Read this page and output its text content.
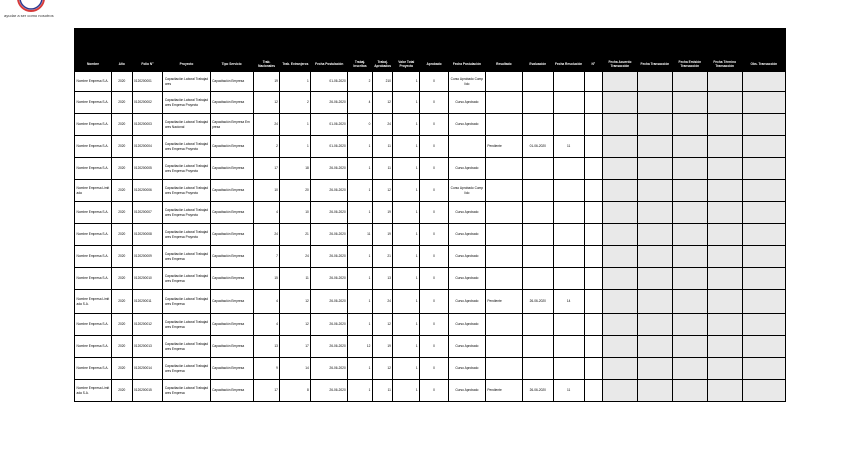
ayudar a ser como nosotros
Nombre	Año	Folio N°	Proyecto	Tipo Servicio	Trab. Nacionales	Trab. Extranjeros	Fecha Postulación	Trabaj. Inscritos	Trabaj. Aprobados	Valor Total Proyecto	Aprobado	Fecha Postulación	Resultado	Evaluación	Fecha Resolución	N°	Fecha Acuerdo Transacción	Fecha Transacción	Fecha Emisión Transacción	Fecha Término Transacción	Obs. Transacción
Nombre Empresa S.A.	2020	0120200001	Capacitación Laboral Trabajadores	Capacitación Empresa	19	1	01-06-2020	2	210	1	0	Curso Aprobado Cumplido									
Nombre Empresa S.A.	2020	0120200002	Capacitación Laboral Trabajadores Empresa Proyecto	Capacitación Empresa	12	2	26-06-2020	4	12	1	0	Curso Aprobado									
Nombre Empresa S.A.	2020	0120200003	Capacitación Laboral Trabajadores Nacional	Capacitación Empresa Empresa	24	1	01-06-2020	0	24	1	0	Curso Aprobado									
Nombre Empresa S.A.	2020	0120200004	Capacitación Laboral Trabajadores Empresa Proyecto	Capacitación Empresa	2	1	01-06-2020	1	11	1	0		Pendiente	01-06-2020	11						
Nombre Empresa S.A.	2020	0120200005	Capacitación Laboral Trabajadores Empresa Proyecto	Capacitación Empresa	17	18	26-06-2020	1	11	1	0	Curso Aprobado									
Nombre Empresa Limitada	2020	0120200006	Capacitación Laboral Trabajadores Empresa Proyecto	Capacitación Empresa	10	20	26-06-2020	1	12	1	0	Curso Aprobado Cumplido									
Nombre Empresa S.A.	2020	0120200007	Capacitación Laboral Trabajadores Empresa Proyecto	Capacitación Empresa	4	10	26-06-2020	1	19	1	0	Curso Aprobado									
Nombre Empresa S.A.	2020	0120200008	Capacitación Laboral Trabajadores Empresa Proyecto	Capacitación Empresa	24	21	26-06-2020	11	19	1	0	Curso Aprobado									
Nombre Empresa S.A.	2020	0120200009	Capacitación Laboral Trabajadores Empresa	Capacitación Empresa	7	24	26-06-2020	1	21	1	0	Curso Aprobado									
Nombre Empresa S.A.	2020	0120200010	Capacitación Laboral Trabajadores Empresa	Capacitación Empresa	15	11	26-06-2020	1	13	1	0	Curso Aprobado									
Nombre Empresa Limitada S.A.	2020	0120200011	Capacitación Laboral Trabajadores Empresa	Capacitación Empresa	4	12	26-06-2020	1	24	1	0	Curso Aprobado	Pendiente	26-06-2020	14						
Nombre Empresa S.A.	2020	0120200012	Capacitación Laboral Trabajadores Empresa	Capacitación Empresa	4	12	26-06-2020	1	12	1	0	Curso Aprobado									
Nombre Empresa S.A.	2020	0120200013	Capacitación Laboral Trabajadores Empresa	Capacitación Empresa	13	17	26-06-2020	12	19	1	0	Curso Aprobado									
Nombre Empresa S.A.	2020	0120200014	Capacitación Laboral Trabajadores Empresa	Capacitación Empresa	9	14	26-06-2020	1	12	1	0	Curso Aprobado									
Nombre Empresa Limitada S.A.	2020	0120200015	Capacitación Laboral Trabajadores Empresa	Capacitación Empresa	17	8	26-06-2020	1	11	1	0	Curso Aprobado	Pendiente	26-06-2020	11						
